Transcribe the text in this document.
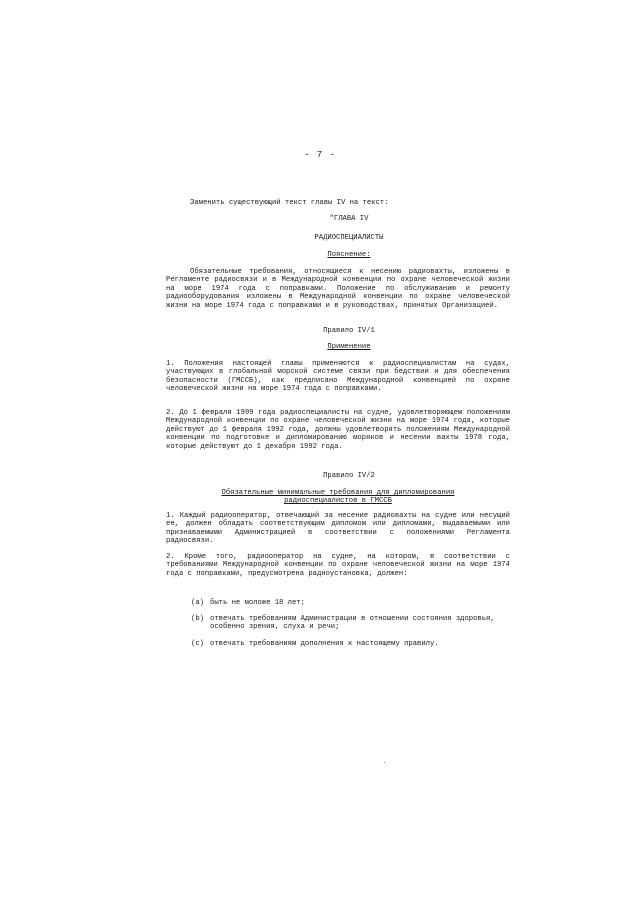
- 7 -
Заменить существующий текст главы IV на текст:
"ГЛАВА IV
РАДИОСПЕЦИАЛИСТЫ
Пояснение:
Обязательные требования, относящиеся к несению радиовахты, изложены в Регламенте радиосвязи и в Международной конвенции по охране человеческой жизни на море 1974 года с поправками. Положение по обслуживанию и ремонту радиооборудования изложены в Международной конвенции по охране человеческой жизни на море 1974 года с поправками и в руководствах, принятых Организацией.
Правило IV/1
Применение
1. Положения настоящей главы применяются к радиоспециалистам на судах, участвующих в глобальной морской системе связи при бедствии и для обеспечения безопасности (ГМССБ), как предписано Международной конвенцией по охране человеческой жизни на море 1974 года с поправками.
2. До 1 февраля 1999 года радиоспециалисты на судне, удовлетворяющем положениям Международной конвенции по охране человеческой жизни на море 1974 года, которые действуют до 1 февраля 1992 года, должны удовлетворять положениям Международной конвенции по подготовке и дипломированию моряков и несении вахты 1978 года, которые действуют до 1 декабря 1992 года.
Правило IV/2
Обязательные минимальные требования для дипломирования
радиоспециалистов в ГМССБ
1. Каждый радиооператор, отвечающий за несение радиовахты на судне или несущий ее, должен обладать соответствующим дипломом или дипломами, выдаваемыми или признаваемыми Администрацией в соответствии с положениями Регламента радиосвязи.
2. Кроме того, радиооператор на судне, на котором, в соответствии с требованиями Международной конвенции по охране человеческой жизни на море 1974 года с поправками, предусмотрена радиоустановка, должен:
(a) быть не моложе 18 лет;
(b) отвечать требованиям Администрации в отношении состояния здоровья, особенно зрения, слуха и речи;
(c) отвечать требованиям дополнения к настоящему правилу.
